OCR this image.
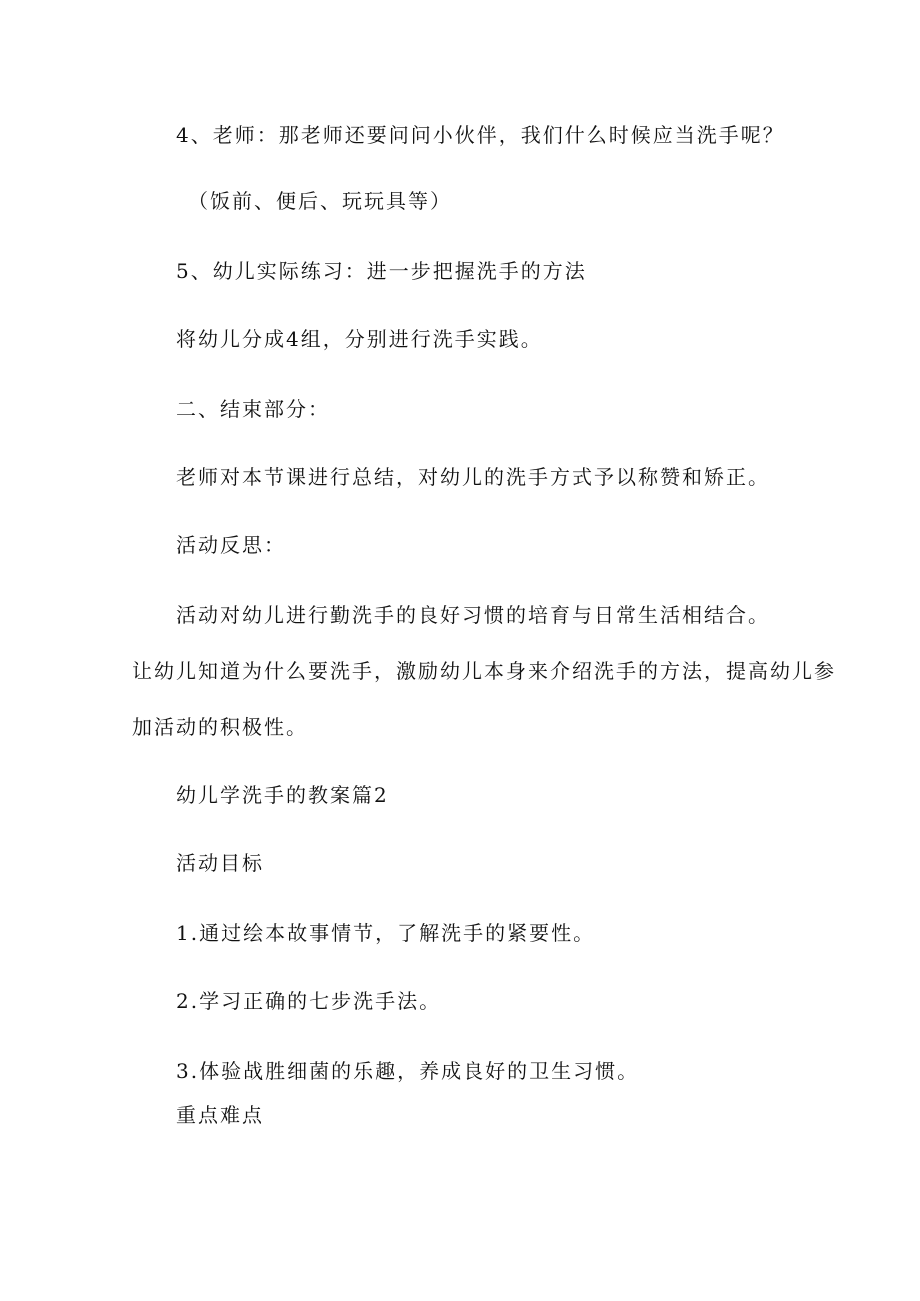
4、老师：那老师还要问问小伙伴，我们什么时候应当洗手呢？
（饭前、便后、玩玩具等）
5、幼儿实际练习：进一步把握洗手的方法
将幼儿分成4组，分别进行洗手实践。
二、结束部分：
老师对本节课进行总结，对幼儿的洗手方式予以称赞和矫正。
活动反思：
活动对幼儿进行勤洗手的良好习惯的培育与日常生活相结合。
让幼儿知道为什么要洗手，激励幼儿本身来介绍洗手的方法，提高幼儿参
加活动的积极性。
幼儿学洗手的教案篇2
活动目标
1.通过绘本故事情节，了解洗手的紧要性。
2.学习正确的七步洗手法。
3.体验战胜细菌的乐趣，养成良好的卫生习惯。
重点难点
